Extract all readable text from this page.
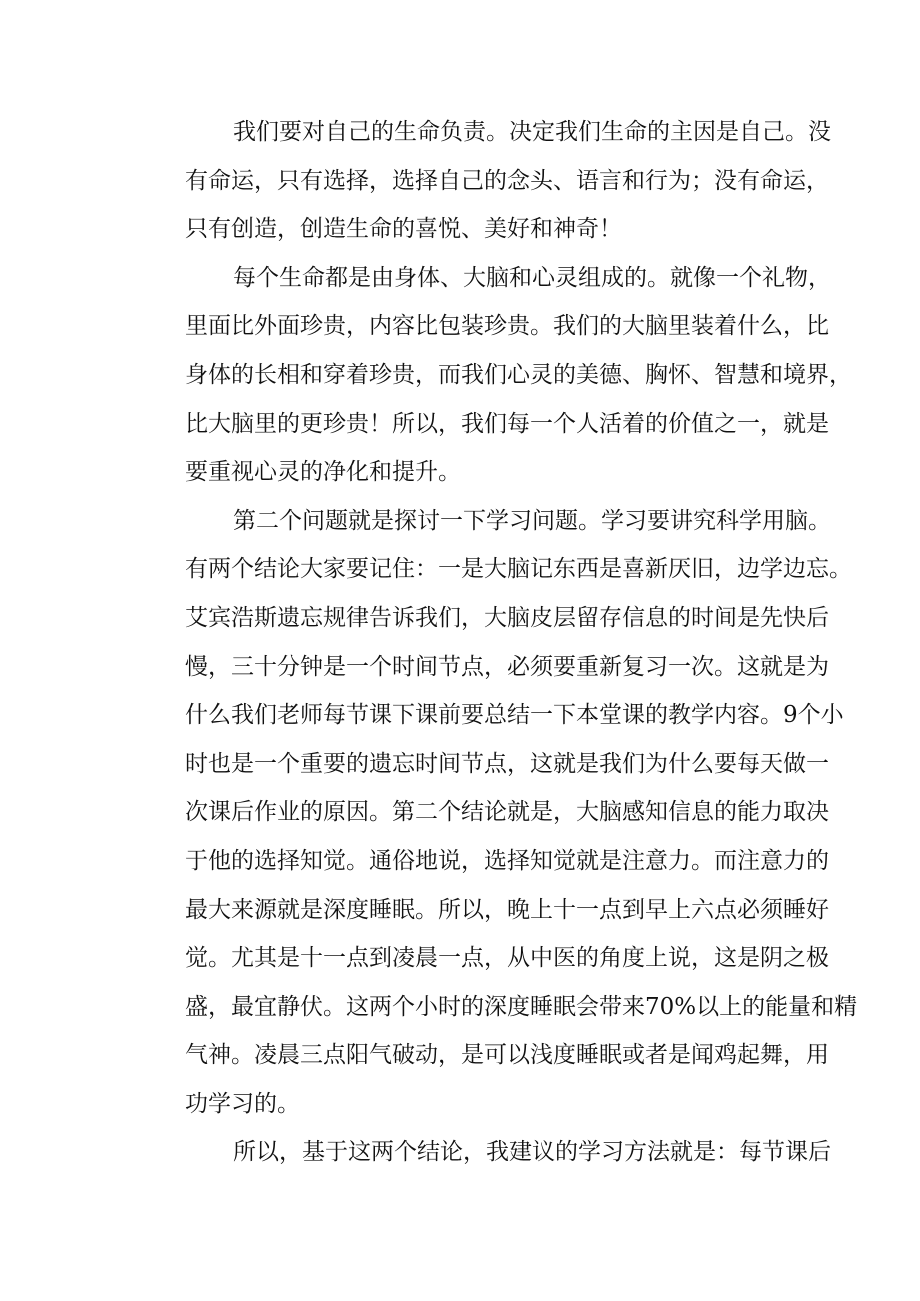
我们要对自己的生命负责。决定我们生命的主因是自己。没
有命运，只有选择，选择自己的念头、语言和行为；没有命运，
只有创造，创造生命的喜悦、美好和神奇！
每个生命都是由身体、大脑和心灵组成的。就像一个礼物，
里面比外面珍贵，内容比包装珍贵。我们的大脑里装着什么，比
身体的长相和穿着珍贵，而我们心灵的美德、胸怀、智慧和境界，
比大脑里的更珍贵！所以，我们每一个人活着的价值之一，就是
要重视心灵的净化和提升。
第二个问题就是探讨一下学习问题。学习要讲究科学用脑。
有两个结论大家要记住：一是大脑记东西是喜新厌旧，边学边忘。
艾宾浩斯遗忘规律告诉我们，大脑皮层留存信息的时间是先快后
慢，三十分钟是一个时间节点，必须要重新复习一次。这就是为
什么我们老师每节课下课前要总结一下本堂课的教学内容。9个小
时也是一个重要的遗忘时间节点，这就是我们为什么要每天做一
次课后作业的原因。第二个结论就是，大脑感知信息的能力取决
于他的选择知觉。通俗地说，选择知觉就是注意力。而注意力的
最大来源就是深度睡眠。所以，晚上十一点到早上六点必须睡好
觉。尤其是十一点到凌晨一点，从中医的角度上说，这是阴之极
盛，最宜静伏。这两个小时的深度睡眠会带来70%以上的能量和精
气神。凌晨三点阳气破动，是可以浅度睡眠或者是闻鸡起舞，用
功学习的。
所以，基于这两个结论，我建议的学习方法就是：每节课后
